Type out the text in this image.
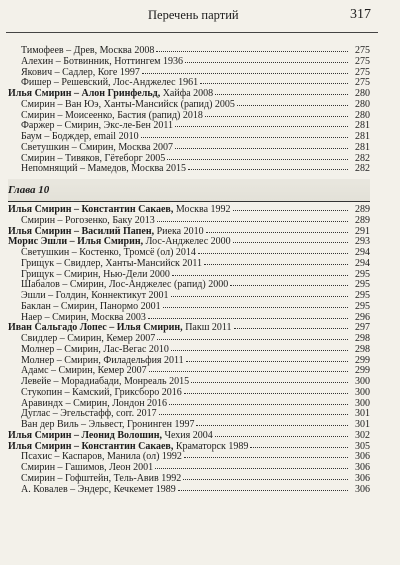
Перечень партий	317
Тимофеев – Древ, Москва 2008	275
Алехин – Ботвинник, Ноттингем 1936	275
Якович – Садлер, Коге 1997	275
Фишер – Решевский, Лос-Анджелес 1961	275
Илья Смирин – Алон Гринфельд, Хайфа 2008	280
Смирин – Ван Юэ, Ханты-Мансийск (рапид) 2005	280
Смирин – Моисеенко, Бастия (рапид) 2018	280
Фаржер – Смирин, Экс-ле-Бен 2011	281
Баум – Бодждер, email 2010	281
Светушкин – Смирин, Москва 2007	281
Смирин – Тивяков, Гётеборг 2005	282
Непомнящий – Мамедов, Москва 2015	282
Глава 10
Илья Смирин – Константин Сакаев, Москва 1992	289
Смирин – Рогозенко, Баку 2013	289
Илья Смирин – Василий Папен, Риека 2010	291
Морис Эшли – Илья Смирин, Лос-Анджелес 2000	293
Светушкин – Костенко, Тромсё (ол) 2014	294
Грищук – Свидлер, Ханты-Мансийск 2011	294
Грищук – Смирин, Нью-Дели 2000	295
Шабалов – Смирин, Лос-Анджелес (рапид) 2000	295
Эшли – Голдин, Коннектикут 2001	295
Баклан – Смирин, Панормо 2001	295
Наер – Смирин, Москва 2003	296
Иван Сальгадо Лопес – Илья Смирин, Пакш 2011	297
Свидлер – Смирин, Кемер 2007	298
Молнер – Смирин, Лас-Вегас 2010	298
Молнер – Смирин, Филадельфия 2011	299
Адамс – Смирин, Кемер 2007	299
Левейе – Морадиабади, Монреаль 2015	300
Стукопин – Камский, Гриксборо 2016	300
Аравиндх – Смирин, Лондон 2016	300
Дуглас – Эгельстафф, corr. 2017	301
Ван дер Виль – Эльвест, Гронинген 1997	301
Илья Смирин – Леонид Волошин, Чехия 2004	302
Илья Смирин – Константин Сакаев, Краматорск 1989	305
Псахис – Каспаров, Манила (ол) 1992	306
Смирин – Гашимов, Леон 2001	306
Смирин – Гофштейн, Тель-Авив 1992	306
А. Ковалев – Эндерс, Кечкемет 1989	306
